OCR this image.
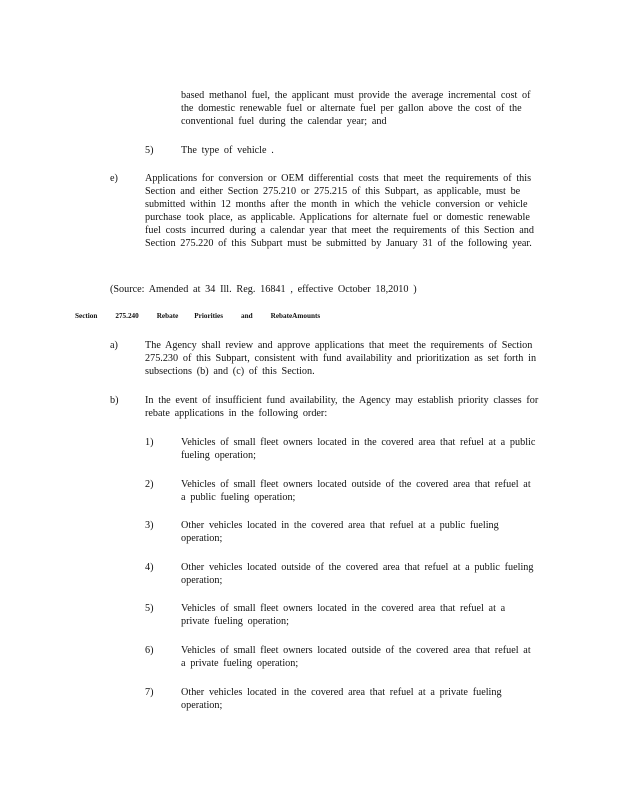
based methanol fuel, the applicant must provide the average incremental cost of the domestic renewable fuel or alternate fuel per gallon above the cost of the conventional fuel during the calendar year; and

5)	The type of vehicle .

e)	Applications for conversion or OEM differential costs that meet the requirements of this Section and either Section 275.210 or 275.215 of this Subpart, as applicable, must be submitted within 12 months after the month in which the vehicle conversion or vehicle purchase took place, as applicable. Applications for alternate fuel or domestic renewable fuel costs incurred during a calendar year that meet the requirements of this Section and Section 275.220 of this Subpart must be submitted by January 31 of the following year.

(Source: Amended at 34 Ill. Reg. 16841 , effective October 18,2010 )

Section	275.240	Rebate Priorities	and	RebateAmounts
a)	The Agency shall review and approve applications that meet the requirements of Section 275.230 of this Subpart, consistent with fund availability and prioritization as set forth in subsections (b) and (c) of this Section.

b)	In the event of insufficient fund availability, the Agency may establish priority classes for rebate applications in the following order:

1)	Vehicles of small fleet owners located in the covered area that refuel at a public fueling operation;

2)	Vehicles of small fleet owners located outside of the covered area that refuel at a public fueling operation;

3)	Other vehicles located in the covered area that refuel at a public fueling operation;

4)	Other vehicles located outside of the covered area that refuel at a public fueling operation;

5)	Vehicles of small fleet owners located in the covered area that refuel at a private fueling operation;

6)	Vehicles of small fleet owners located outside of the covered area that refuel at a private fueling operation;

7)	Other vehicles located in the covered area that refuel at a private fueling operation;
